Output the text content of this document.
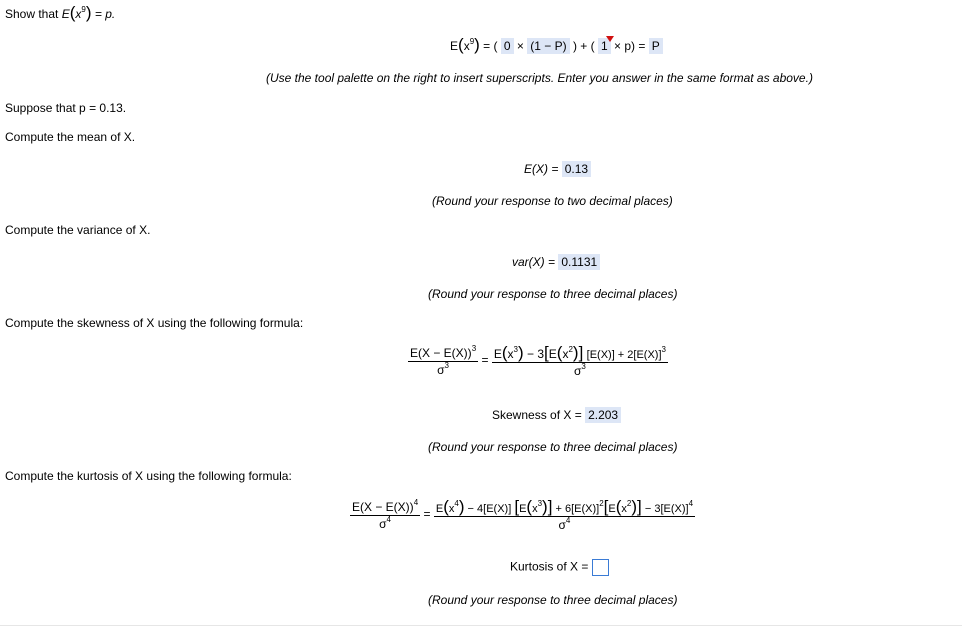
Show that $E(x^9) = p$.
$E(x^9)$ = ( 0 × (1 − P) ) + ( 1 × p) = P
(Use the tool palette on the right to insert superscripts. Enter you answer in the same format as above.)
Suppose that p = 0.13.
Compute the mean of X.
E(X) = 0.13
(Round your response to two decimal places)
Compute the variance of X.
var(X) = 0.1131
(Round your response to three decimal places)
Compute the skewness of X using the following formula:
$\frac{E(X - E(X))^3}{\sigma^3} = \frac{E(x^3) - 3[E(x^2)] [E(X)] + 2[E(X)]^3}{\sigma^3}$
Skewness of X = 2.203
(Round your response to three decimal places)
Compute the kurtosis of X using the following formula:
$\frac{E(X - E(X))^4}{\sigma^4} = \frac{E(x^4) - 4[E(X)] [E(x^3)] + 6[E(X)]^2[E(x^2)] - 3[E(X)]^4}{\sigma^4}$
Kurtosis of X =
(Round your response to three decimal places)
